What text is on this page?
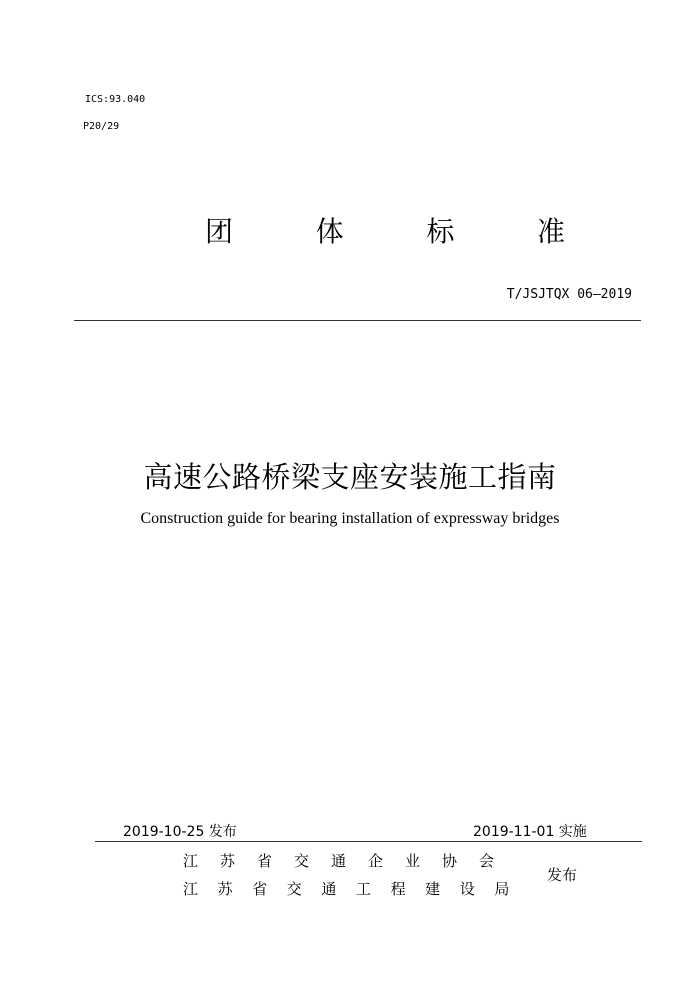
ICS:93.040
P20/29
团	体	标	准
T/JSJTQX 06—2019
高速公路桥梁支座安装施工指南
Construction guide for bearing installation of expressway bridges
2019-10-25 发布	2019-11-01 实施
江	苏	省	交	通	企	业	协	会
江	苏	省	交	通	工	程	建	设	局
发布
